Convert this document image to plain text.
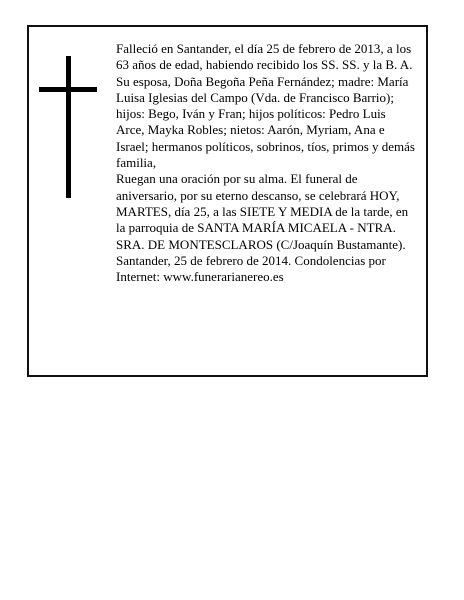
Falleció en Santander, el día 25 de febrero de 2013, a los 63 años de edad, habiendo recibido los SS. SS. y la B. A.

Su esposa, Doña Begoña Peña Fernández; madre: María Luisa Iglesias del Campo (Vda. de Francisco Barrio); hijos: Bego, Iván y Fran; hijos políticos: Pedro Luis Arce, Mayka Robles; nietos: Aarón, Myriam, Ana e Israel; hermanos políticos, sobrinos, tíos, primos y demás familia,

Ruegan una oración por su alma. El funeral de aniversario, por su eterno descanso, se celebrará HOY, MARTES, día 25, a las SIETE Y MEDIA de la tarde, en la parroquia de SANTA MARÍA MICAELA - NTRA. SRA. DE MONTESCLAROS (C/Joaquín Bustamante).

Santander, 25 de febrero de 2014. Condolencias por Internet: www.funerarianereo.es
